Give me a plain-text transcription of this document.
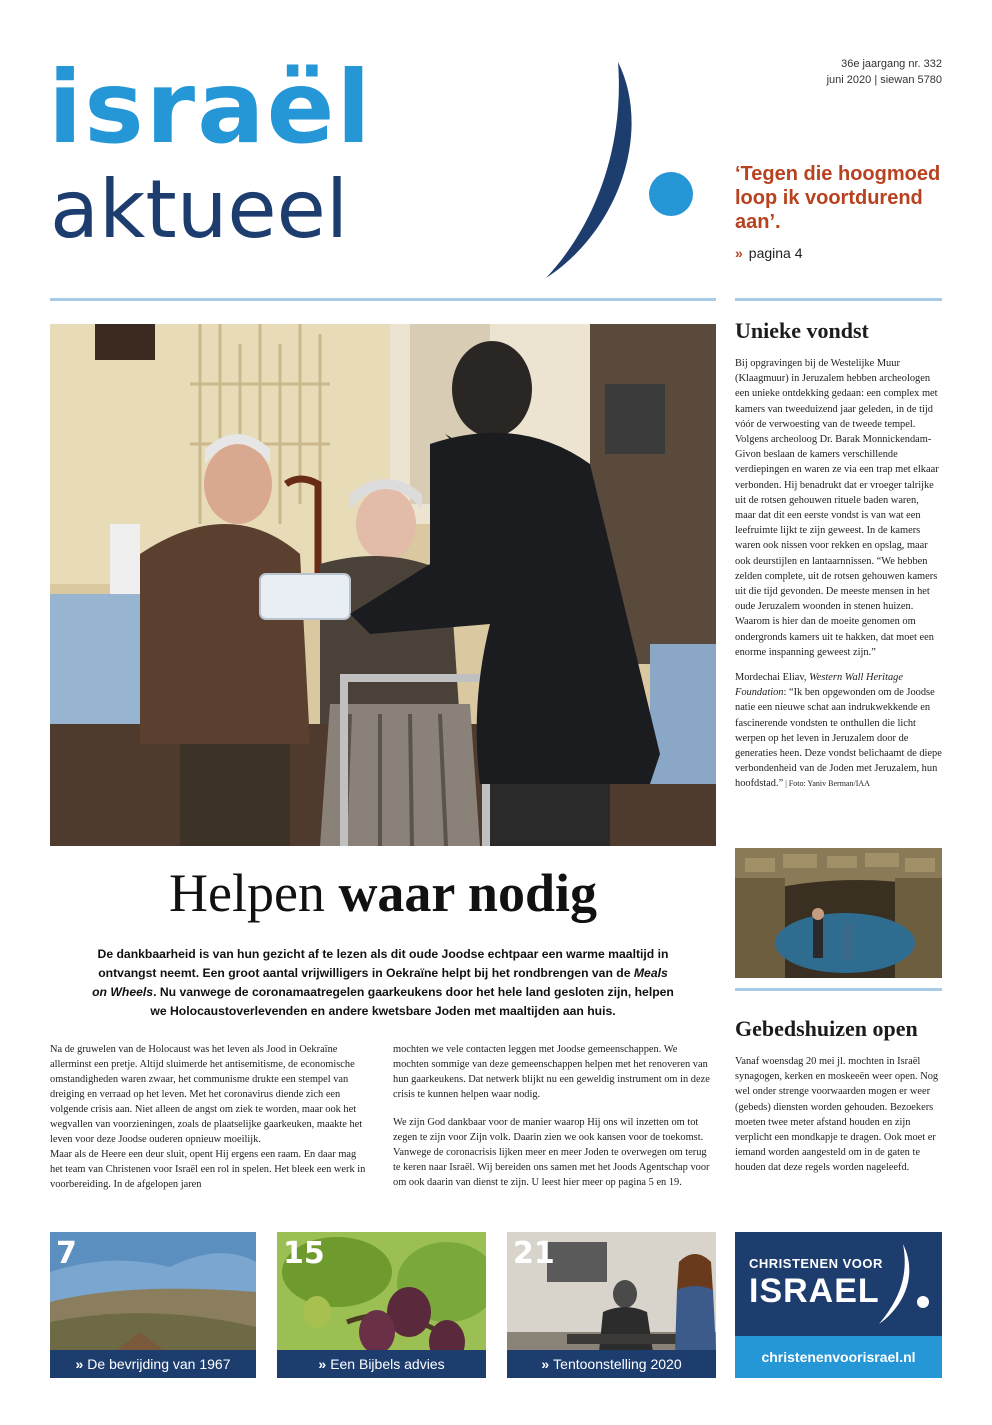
israël
aktueel
36e jaargang nr. 332
juni 2020 | siewan 5780
‘Tegen die hoogmoed loop ik voortdurend aan’.
» pagina 4
Helpen waar nodig
De dankbaarheid is van hun gezicht af te lezen als dit oude Joodse echtpaar een warme maaltijd in ontvangst neemt. Een groot aantal vrijwilligers in Oekraïne helpt bij het rondbrengen van de Meals on Wheels. Nu vanwege de coronamaatregelen gaarkeukens door het hele land gesloten zijn, helpen we Holocaustoverlevenden en andere kwetsbare Joden met maaltijden aan huis.

Na de gruwelen van de Holocaust was het leven als Jood in Oekraïne allerminst een pretje. Altijd sluimerde het antisemitisme, de economische omstandigheden waren zwaar, het communisme drukte een stempel van dreiging en verraad op het leven. Met het coronavirus diende zich een volgende crisis aan. Niet alleen de angst om ziek te worden, maar ook het wegvallen van voorzieningen, zoals de plaatselijke gaarkeuken, maakte het leven voor deze Joodse ouderen opnieuw moeilijk.

Maar als de Heere een deur sluit, opent Hij ergens een raam. En daar mag het team van Christenen voor Israël een rol in spelen. Het bleek een werk in voorbereiding. In de afgelopen jaren

mochten we vele contacten leggen met Joodse gemeenschappen. We mochten sommige van deze gemeenschappen helpen met het renoveren van hun gaarkeukens. Dat netwerk blijkt nu een geweldig instrument om in deze crisis te kunnen helpen waar nodig.

We zijn God dankbaar voor de manier waarop Hij ons wil inzetten om tot zegen te zijn voor Zijn volk. Daarin zien we ook kansen voor de toekomst. Vanwege de coronacrisis lijken meer en meer Joden te overwegen om terug te keren naar Israël. Wij bereiden ons samen met het Joods Agentschap voor om ook daarin van dienst te zijn. U leest hier meer op pagina 5 en 19.

Unieke vondst

Bij opgravingen bij de Westelijke Muur (Klaagmuur) in Jeruzalem hebben archeologen een unieke ontdekking gedaan: een complex met kamers van tweeduizend jaar geleden, in de tijd vóór de verwoesting van de tweede tempel. Volgens archeoloog Dr. Barak Monnickendam-Givon beslaan de kamers verschillende verdiepingen en waren ze via een trap met elkaar verbonden. Hij benadrukt dat er vroeger talrijke uit de rotsen gehouwen rituele baden waren, maar dat dit een eerste vondst is van wat een leefruimte lijkt te zijn geweest. In de kamers waren ook nissen voor rekken en opslag, maar ook deurstijlen en lantaarnnissen. “We hebben zelden complete, uit de rotsen gehouwen kamers uit die tijd gevonden. De meeste mensen in het oude Jeruzalem woonden in stenen huizen. Waarom is hier dan de moeite genomen om ondergronds kamers uit te hakken, dat moet een enorme inspanning geweest zijn.”

Mordechai Eliav, Western Wall Heritage Foundation: “Ik ben opgewonden om de Joodse natie een nieuwe schat aan indrukwekkende en fascinerende vondsten te onthullen die licht werpen op het leven in Jeruzalem door de generaties heen. Deze vondst belichaamt de diepe verbondenheid van de Joden met Jeruzalem, hun hoofdstad.” | Foto: Yaniv Berman/IAA

Gebedshuizen open
Vanaf woensdag 20 mei jl. mochten in Israël synagogen, kerken en moskeeën weer open. Nog wel onder strenge voorwaarden mogen er weer (gebeds) diensten worden gehouden. Bezoekers moeten twee meter afstand houden en zijn verplicht een mondkapje te dragen. Ook moet er iemand worden aangesteld om in de gaten te houden dat deze regels worden nageleefd.
7
» De bevrijding van 1967
15
» Een Bijbels advies
21
» Tentoonstelling 2020
CHRISTENEN VOOR
ISRAEL
christenenvoorisrael.nl
